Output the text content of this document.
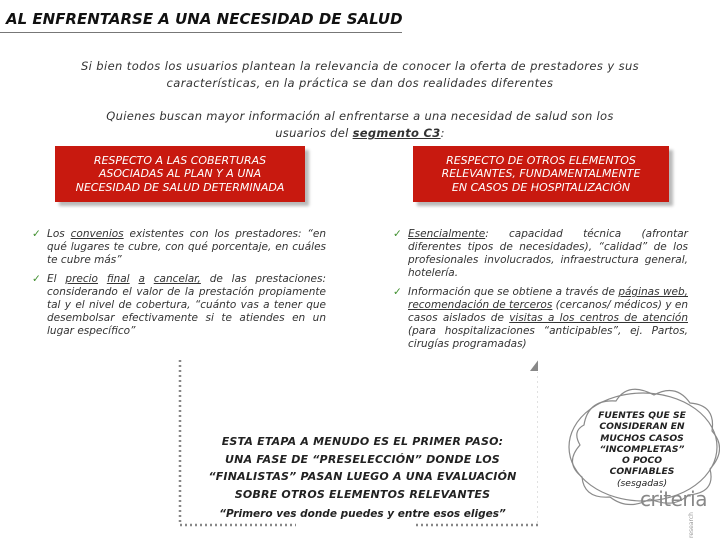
AL ENFRENTARSE A UNA NECESIDAD DE SALUD
Si bien todos los usuarios plantean la relevancia de conocer la oferta de prestadores y sus
características, en la práctica se dan dos realidades diferentes
Quienes buscan mayor información al enfrentarse a una necesidad de salud son los
usuarios del segmento C3:
RESPECTO A LAS COBERTURAS
ASOCIADAS AL PLAN Y A UNA
NECESIDAD DE SALUD DETERMINADA
RESPECTO DE OTROS ELEMENTOS
RELEVANTES, FUNDAMENTALMENTE
EN CASOS DE HOSPITALIZACIÓN
✓ Los convenios existentes con los prestadores: “en qué lugares te cubre, con qué porcentaje, en cuáles te cubre más”
✓ El precio final a cancelar, de las prestaciones: considerando el valor de la prestación propiamente tal y el nivel de cobertura, “cuánto vas a tener que desembolsar efectivamente si te atiendes en un lugar específico”
✓ Esencialmente: capacidad técnica (afrontar diferentes tipos de necesidades), “calidad” de los profesionales involucrados, infraestructura general, hotelería.
✓ Información que se obtiene a través de páginas web, recomendación de terceros (cercanos/ médicos) y en casos aislados de visitas a los centros de atención (para hospitalizaciones “anticipables”, ej. Partos, cirugías programadas)
ESTA ETAPA A MENUDO ES EL PRIMER PASO:
UNA FASE DE “PRESELECCIÓN” DONDE LOS
“FINALISTAS” PASAN LUEGO A UNA EVALUACIÓN
SOBRE OTROS ELEMENTOS RELEVANTES
“Primero ves donde puedes y entre esos eliges”
FUENTES QUE SE
CONSIDERAN EN
MUCHOS CASOS
“INCOMPLETAS”
O POCO
CONFIABLES
(sesgadas)
criteria
research
